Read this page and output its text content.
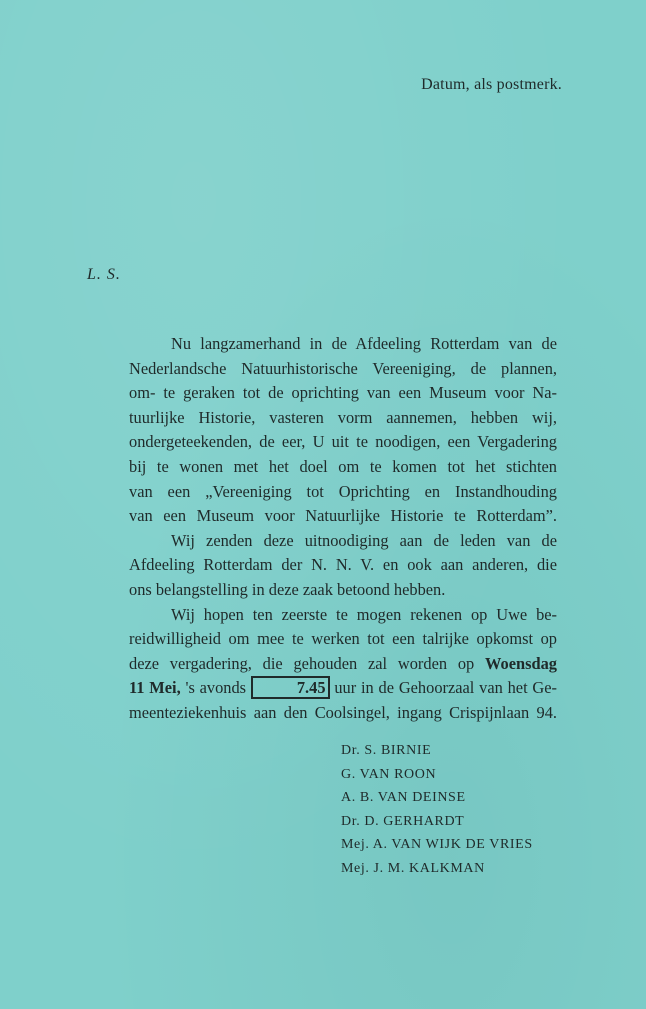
Datum, als postmerk.
L. S.
Nu langzamerhand in de Afdeeling Rotterdam van de
Nederlandsche Natuurhistorische Vereeniging, de plannen,
om- te geraken tot de oprichting van een Museum voor Na-
tuurlijke Historie, vasteren vorm aannemen, hebben wij,
ondergeteekenden, de eer, U uit te noodigen, een Vergadering
bij te wonen met het doel om te komen tot het stichten
van een „Vereeniging tot Oprichting en Instandhouding
van een Museum voor Natuurlijke Historie te Rotterdam”.
Wij zenden deze uitnoodiging aan de leden van de
Afdeeling Rotterdam der N. N. V. en ook aan anderen, die
ons belangstelling in deze zaak betoond hebben.
Wij hopen ten zeerste te mogen rekenen op Uwe be-
reidwilligheid om mee te werken tot een talrijke opkomst op
deze vergadering, die gehouden zal worden op Woensdag
11 Mei, 's avonds	7.45 uur in de Gehoorzaal van het Ge-
meenteziekenhuis aan den Coolsingel, ingang Crispijnlaan 94.
Dr. S. BIRNIE
G. VAN ROON
A. B. VAN DEINSE
Dr. D. GERHARDT
Mej. A. VAN WIJK DE VRIES
Mej. J. M. KALKMAN
